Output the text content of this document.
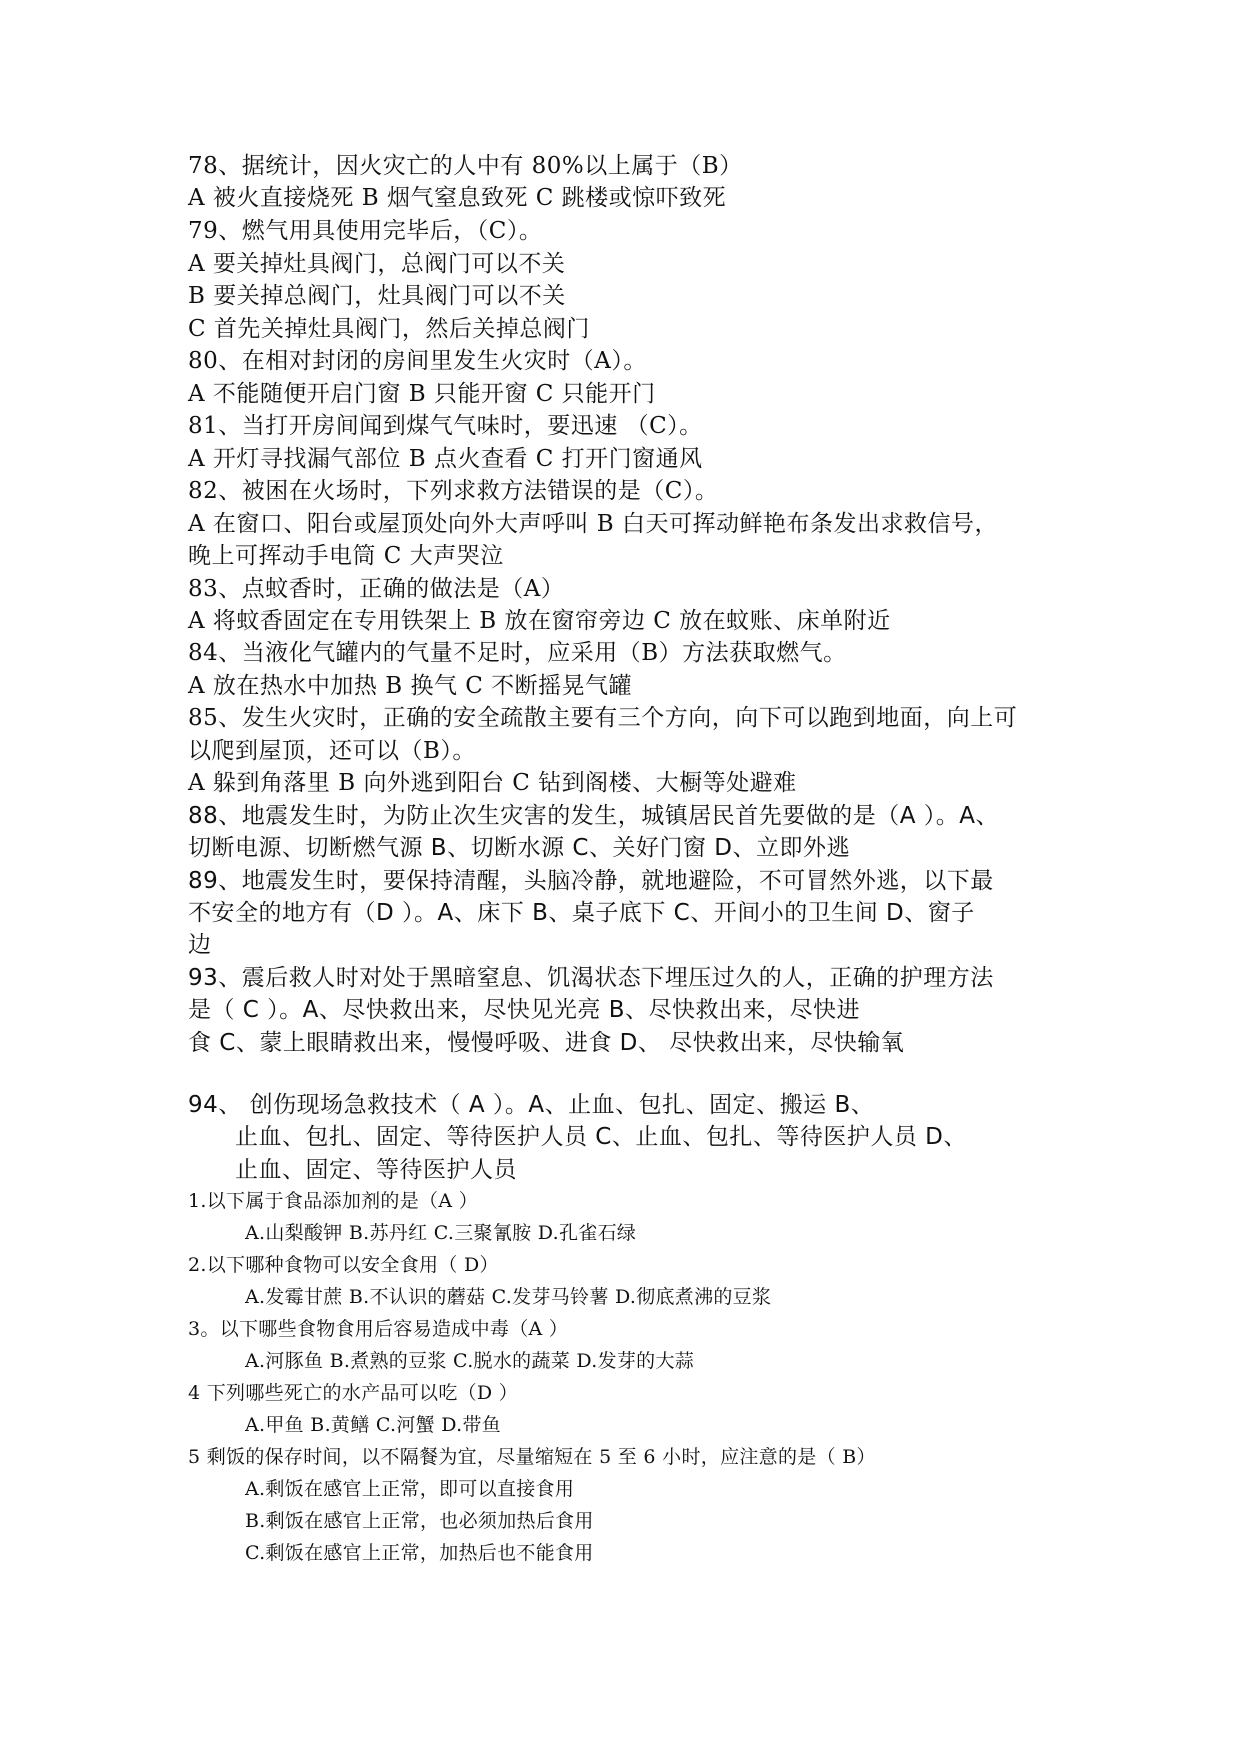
78、据统计，因火灾亡的人中有 80%以上属于（B）
A 被火直接烧死 B 烟气窒息致死 C 跳楼或惊吓致死
79、燃气用具使用完毕后，（C）。
A 要关掉灶具阀门，总阀门可以不关
B 要关掉总阀门，灶具阀门可以不关
C 首先关掉灶具阀门，然后关掉总阀门
80、在相对封闭的房间里发生火灾时（A）。
A 不能随便开启门窗 B 只能开窗 C 只能开门
81、当打开房间闻到煤气气味时，要迅速 （C）。
A 开灯寻找漏气部位 B 点火查看 C 打开门窗通风
82、被困在火场时，下列求救方法错误的是（C）。
A 在窗口、阳台或屋顶处向外大声呼叫 B 白天可挥动鲜艳布条发出求救信号，
晚上可挥动手电筒 C 大声哭泣
83、点蚊香时，正确的做法是（A）
A 将蚊香固定在专用铁架上 B 放在窗帘旁边 C 放在蚊账、床单附近
84、当液化气罐内的气量不足时，应采用（B）方法获取燃气。
A 放在热水中加热 B 换气 C 不断摇晃气罐
85、发生火灾时，正确的安全疏散主要有三个方向，向下可以跑到地面，向上可
以爬到屋顶，还可以（B）。
A 躲到角落里 B 向外逃到阳台 C 钻到阁楼、大橱等处避难
88、地震发生时，为防止次生灾害的发生，城镇居民首先要做的是（A ）。A、
切断电源、切断燃气源 B、切断水源 C、关好门窗 D、立即外逃
89、地震发生时，要保持清醒，头脑冷静，就地避险，不可冒然外逃，以下最
不安全的地方有（D ）。A、床下 B、桌子底下 C、开间小的卫生间 D、窗子
边
93、震后救人时对处于黑暗窒息、饥渴状态下埋压过久的人，正确的护理方法
是（ C ）。A、尽快救出来，尽快见光亮 B、尽快救出来，尽快进
食 C、蒙上眼睛救出来，慢慢呼吸、进食 D、 尽快救出来，尽快输氧
94、 创伤现场急救技术（ A ）。A、止血、包扎、固定、搬运 B、
止血、包扎、固定、等待医护人员 C、止血、包扎、等待医护人员 D、
止血、固定、等待医护人员
1.以下属于食品添加剂的是（A ）
A.山梨酸钾 B.苏丹红 C.三聚氰胺 D.孔雀石绿
2.以下哪种食物可以安全食用（ D）
A.发霉甘蔗 B.不认识的蘑菇 C.发芽马铃薯 D.彻底煮沸的豆浆
3。以下哪些食物食用后容易造成中毒（A ）
A.河豚鱼 B.煮熟的豆浆 C.脱水的蔬菜 D.发芽的大蒜
4 下列哪些死亡的水产品可以吃（D ）
A.甲鱼 B.黄鳝 C.河蟹 D.带鱼
5 剩饭的保存时间，以不隔餐为宜，尽量缩短在 5 至 6 小时，应注意的是（ B）
A.剩饭在感官上正常，即可以直接食用
B.剩饭在感官上正常，也必须加热后食用
C.剩饭在感官上正常，加热后也不能食用
